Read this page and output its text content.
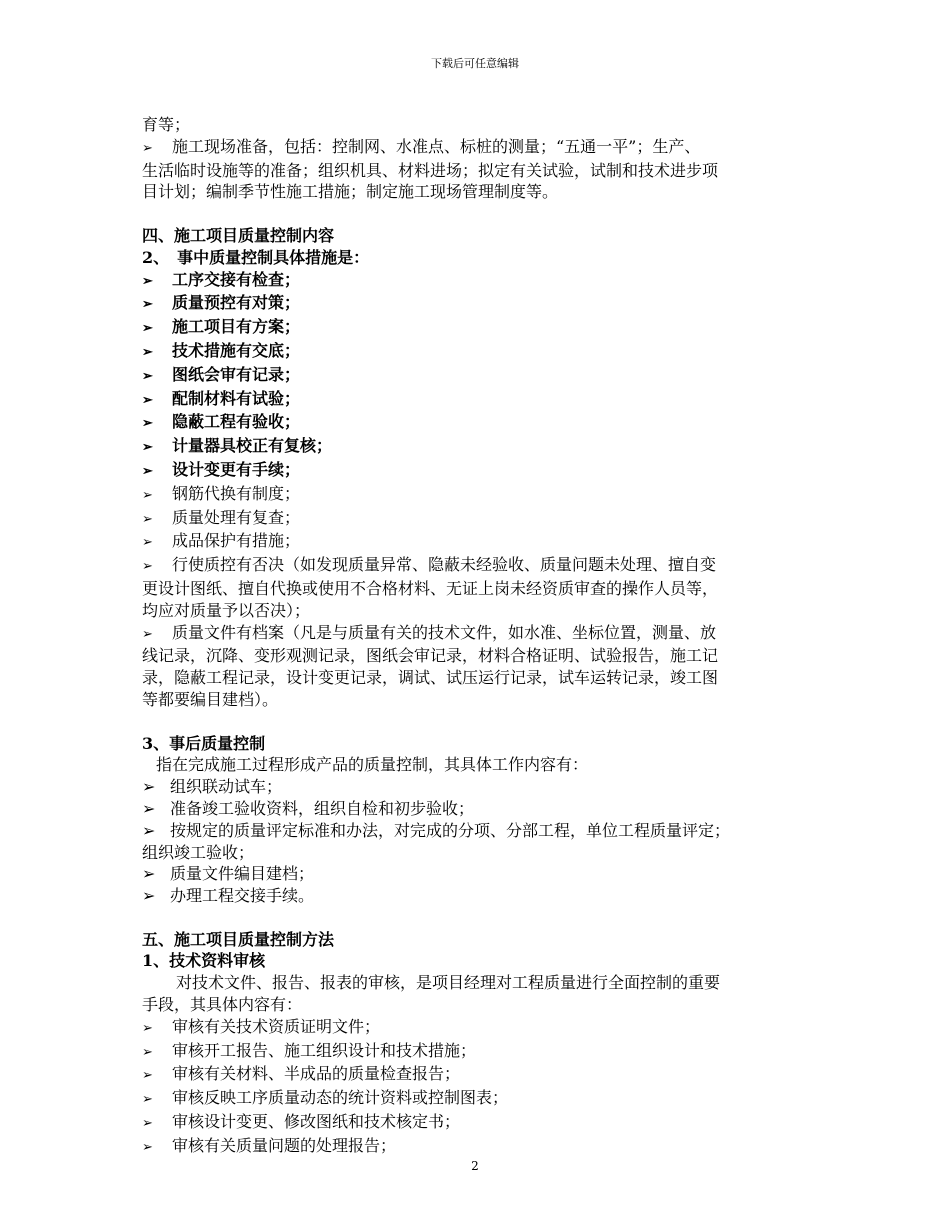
下载后可任意编辑
育等；
➢ 施工现场准备，包括：控制网、水准点、标桩的测量；“五通一平”；生产、
生活临时设施等的准备；组织机具、材料进场；拟定有关试验，试制和技术进步项
目计划；编制季节性施工措施；制定施工现场管理制度等。
四、施工项目质量控制内容
2、　事中质量控制具体措施是：
➢ 工序交接有检查；
➢ 质量预控有对策；
➢ 施工项目有方案；
➢ 技术措施有交底；
➢ 图纸会审有记录；
➢ 配制材料有试验；
➢ 隐蔽工程有验收；
➢ 计量器具校正有复核；
➢ 设计变更有手续；
➢ 钢筋代换有制度；
➢ 质量处理有复查；
➢ 成品保护有措施；
➢ 行使质控有否决（如发现质量异常、隐蔽未经验收、质量问题未处理、擅自变
更设计图纸、擅自代换或使用不合格材料、无证上岗未经资质审查的操作人员等，
均应对质量予以否决）；
➢ 质量文件有档案（凡是与质量有关的技术文件，如水准、坐标位置，测量、放
线记录，沉降、变形观测记录，图纸会审记录，材料合格证明、试验报告，施工记
录，隐蔽工程记录，设计变更记录，调试、试压运行记录，试车运转记录，竣工图
等都要编目建档）。
3、事后质量控制
指在完成施工过程形成产品的质量控制，其具体工作内容有：
➢ 组织联动试车；
➢ 准备竣工验收资料，组织自检和初步验收；
➢ 按规定的质量评定标准和办法，对完成的分项、分部工程，单位工程质量评定；
组织竣工验收；
➢ 质量文件编目建档；
➢ 办理工程交接手续。
五、施工项目质量控制方法
1、技术资料审核
对技术文件、报告、报表的审核，是项目经理对工程质量进行全面控制的重要
手段，其具体内容有：
➢ 审核有关技术资质证明文件；
➢ 审核开工报告、施工组织设计和技术措施；
➢ 审核有关材料、半成品的质量检查报告；
➢ 审核反映工序质量动态的统计资料或控制图表；
➢ 审核设计变更、修改图纸和技术核定书；
➢ 审核有关质量问题的处理报告；
2
